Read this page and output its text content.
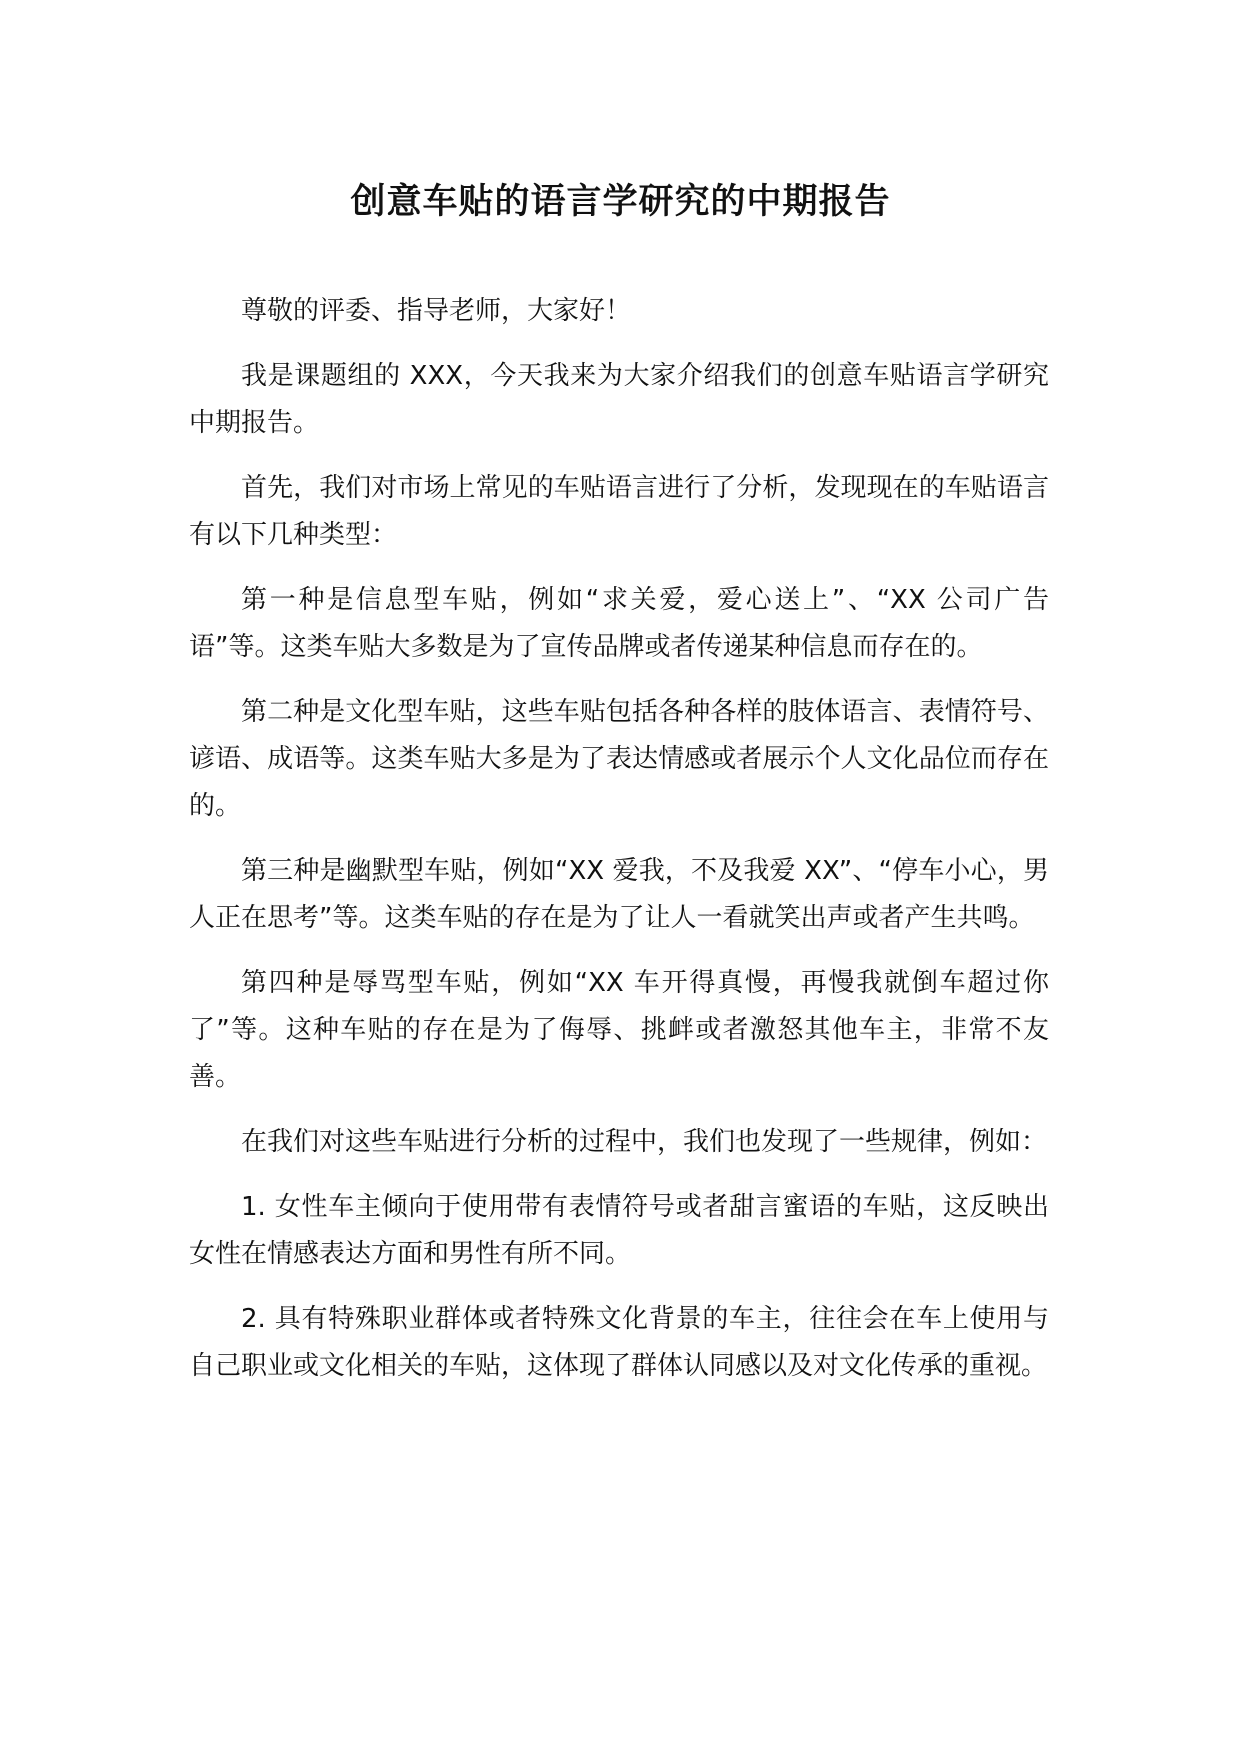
创意车贴的语言学研究的中期报告

尊敬的评委、指导老师，大家好！

我是课题组的 XXX，今天我来为大家介绍我们的创意车贴语言学研究中期报告。

首先，我们对市场上常见的车贴语言进行了分析，发现现在的车贴语言有以下几种类型：

第一种是信息型车贴，例如“求关爱，爱心送上”、“XX 公司广告语”等。这类车贴大多数是为了宣传品牌或者传递某种信息而存在的。

第二种是文化型车贴，这些车贴包括各种各样的肢体语言、表情符号、谚语、成语等。这类车贴大多是为了表达情感或者展示个人文化品位而存在的。

第三种是幽默型车贴，例如“XX 爱我，不及我爱 XX”、“停车小心，男人正在思考”等。这类车贴的存在是为了让人一看就笑出声或者产生共鸣。

第四种是辱骂型车贴，例如“XX 车开得真慢，再慢我就倒车超过你了”等。这种车贴的存在是为了侮辱、挑衅或者激怒其他车主，非常不友善。

在我们对这些车贴进行分析的过程中，我们也发现了一些规律，例如：

1. 女性车主倾向于使用带有表情符号或者甜言蜜语的车贴，这反映出女性在情感表达方面和男性有所不同。

2. 具有特殊职业群体或者特殊文化背景的车主，往往会在车上使用与自己职业或文化相关的车贴，这体现了群体认同感以及对文化传承的重视。
